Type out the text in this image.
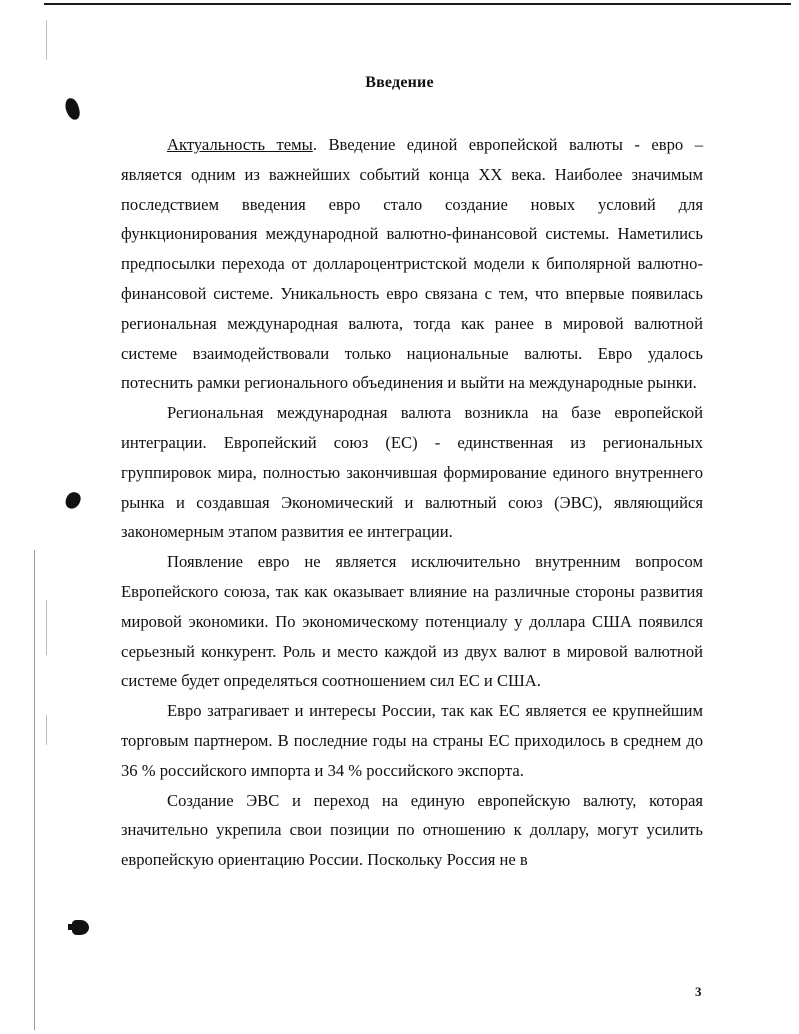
Введение

Актуальность темы. Введение единой европейской валюты - евро – является одним из важнейших событий конца XX века. Наиболее значимым последствием введения евро стало создание новых условий для функционирования международной валютно-финансовой системы. Наметились предпосылки перехода от доллароцентристской модели к биполярной валютно-финансовой системе. Уникальность евро связана с тем, что впервые появилась региональная международная валюта, тогда как ранее в мировой валютной системе взаимодействовали только национальные валюты. Евро удалось потеснить рамки регионального объединения и выйти на международные рынки.

Региональная международная валюта возникла на базе европейской интеграции. Европейский союз (ЕС) - единственная из региональных группировок мира, полностью закончившая формирование единого внутреннего рынка и создавшая Экономический и валютный союз (ЭВС), являющийся закономерным этапом развития ее интеграции.

Появление евро не является исключительно внутренним вопросом Европейского союза, так как оказывает влияние на различные стороны развития мировой экономики. По экономическому потенциалу у доллара США появился серьезный конкурент. Роль и место каждой из двух валют в мировой валютной системе будет определяться соотношением сил ЕС и США.

Евро затрагивает и интересы России, так как ЕС является ее крупнейшим торговым партнером. В последние годы на страны ЕС приходилось в среднем до 36 % российского импорта и 34 % российского экспорта.

Создание ЭВС и переход на единую европейскую валюту, которая значительно укрепила свои позиции по отношению к доллару, могут усилить европейскую ориентацию России. Поскольку Россия не в

3
